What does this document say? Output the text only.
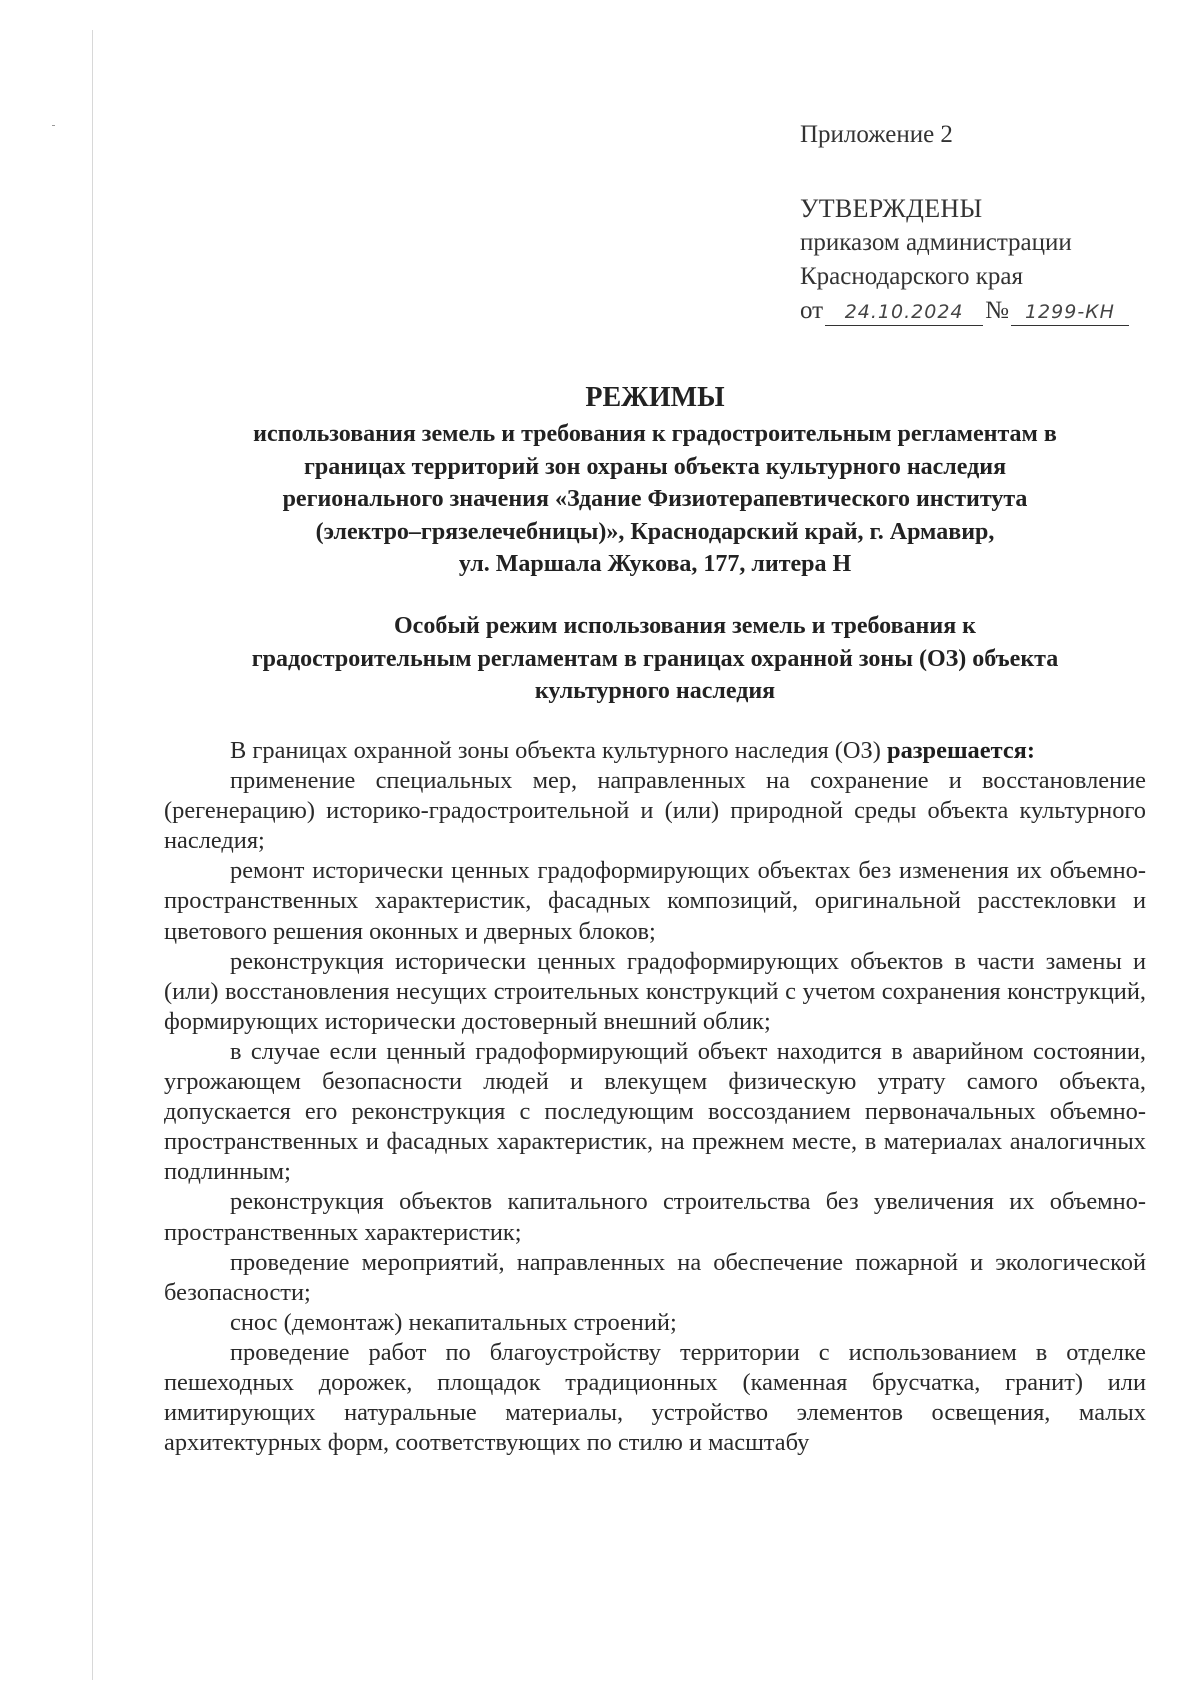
Приложение 2
УТВЕРЖДЕНЫ
приказом администрации
Краснодарского края
от 24.10.2024 № 1299-КН
РЕЖИМЫ
использования земель и требования к градостроительным регламентам в
границах территорий зон охраны объекта культурного наследия
регионального значения «Здание Физиотерапевтического института
(электро–грязелечебницы)», Краснодарский край, г. Армавир,
ул. Маршала Жукова, 177, литера Н
Особый режим использования земель и требования к
градостроительным регламентам в границах охранной зоны (ОЗ) объекта
культурного наследия

В границах охранной зоны объекта культурного наследия (ОЗ) разрешается:

применение специальных мер, направленных на сохранение и восстановление (регенерацию) историко-градостроительной и (или) природной среды объекта культурного наследия;

ремонт исторически ценных градоформирующих объектах без изменения их объемно-пространственных характеристик, фасадных композиций, оригинальной расстекловки и цветового решения оконных и дверных блоков;

реконструкция исторически ценных градоформирующих объектов в части замены и (или) восстановления несущих строительных конструкций с учетом сохранения конструкций, формирующих исторически достоверный внешний облик;

в случае если ценный градоформирующий объект находится в аварийном состоянии, угрожающем безопасности людей и влекущем физическую утрату самого объекта, допускается его реконструкция с последующим воссозданием первоначальных объемно-пространственных и фасадных характеристик, на прежнем месте, в материалах аналогичных подлинным;

реконструкция объектов капитального строительства без увеличения их объемно-пространственных характеристик;

проведение мероприятий, направленных на обеспечение пожарной и экологической безопасности;

снос (демонтаж) некапитальных строений;

проведение работ по благоустройству территории с использованием в отделке пешеходных дорожек, площадок традиционных (каменная брусчатка, гранит) или имитирующих натуральные материалы, устройство элементов освещения, малых архитектурных форм, соответствующих по стилю и масштабу
